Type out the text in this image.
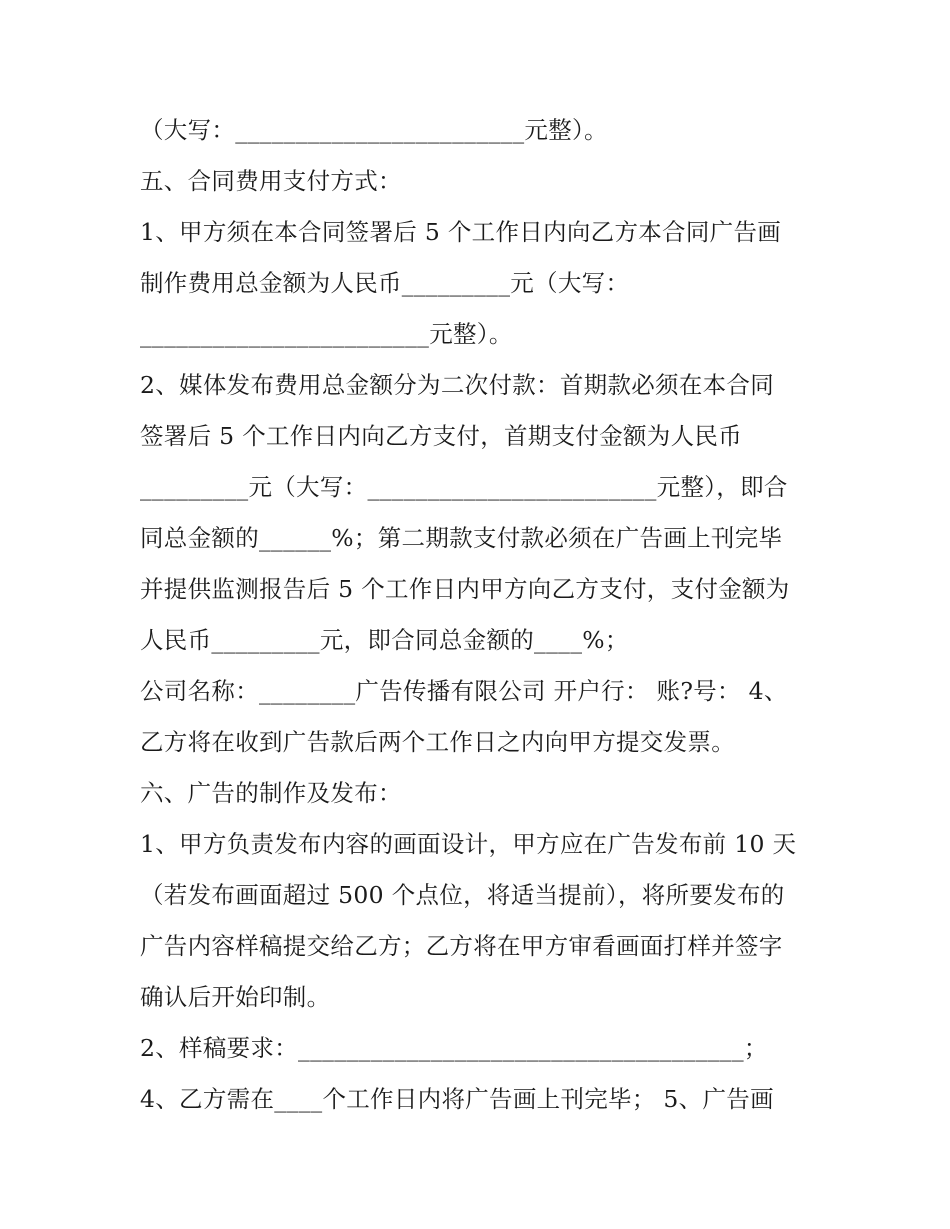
（大写：________________________元整）。
五、合同费用支付方式：
1、甲方须在本合同签署后 5 个工作日内向乙方本合同广告画
制作费用总金额为人民币_________元（大写：
________________________元整）。
2、媒体发布费用总金额分为二次付款：首期款必须在本合同
签署后 5 个工作日内向乙方支付，首期支付金额为人民币
_________元（大写：________________________元整），即合
同总金额的______%；第二期款支付款必须在广告画上刊完毕
并提供监测报告后 5 个工作日内甲方向乙方支付，支付金额为
人民币_________元，即合同总金额的____%；
公司名称：________广告传播有限公司 开户行： 账?号： 4、
乙方将在收到广告款后两个工作日之内向甲方提交发票。
六、广告的制作及发布：
1、甲方负责发布内容的画面设计，甲方应在广告发布前 10 天
（若发布画面超过 500 个点位，将适当提前），将所要发布的
广告内容样稿提交给乙方；乙方将在甲方审看画面打样并签字
确认后开始印制。
2、样稿要求：_____________________________________；
4、乙方需在____个工作日内将广告画上刊完毕； 5、广告画
